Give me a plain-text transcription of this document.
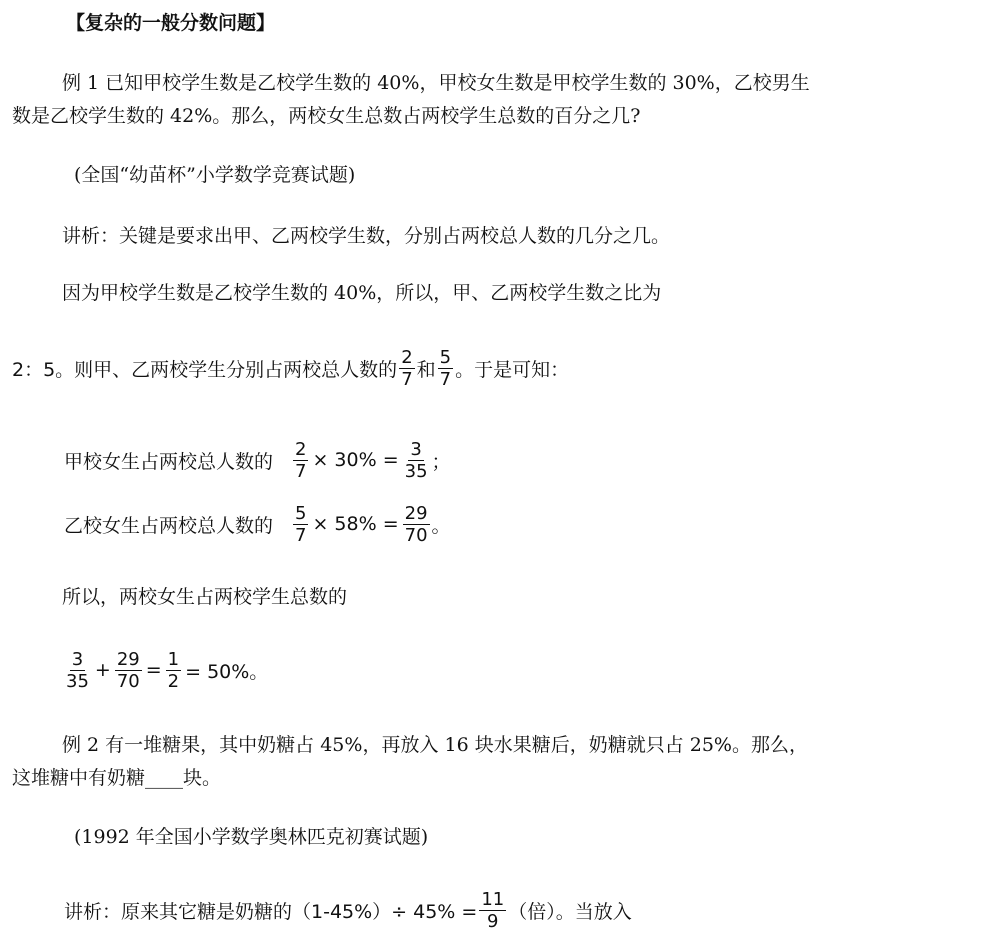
【复杂的一般分数问题】
例 1 已知甲校学生数是乙校学生数的 40%，甲校女生数是甲校学生数的 30%，乙校男生
数是乙校学生数的 42%。那么，两校女生总数占两校学生总数的百分之几?
(全国“幼苗杯”小学数学竞赛试题)
讲析：关键是要求出甲、乙两校学生数，分别占两校总人数的几分之几。
因为甲校学生数是乙校学生数的 40%，所以，甲、乙两校学生数之比为
2：5。则甲、乙两校学生分别占两校总人数的 $\frac{2}{7}$ 和 $\frac{5}{7}$ 。于是可知：
甲校女生占两校总人数的 $\frac{2}{7} \times 30\% = \frac{3}{35}$ ；
乙校女生占两校总人数的 $\frac{5}{7} \times 58\% = \frac{29}{70}$ 。
所以，两校女生占两校学生总数的
$\frac{3}{35} + \frac{29}{70} = \frac{1}{2} = 50\%$。
例 2 有一堆糖果，其中奶糖占 45%，再放入 16 块水果糖后，奶糖就只占 25%。那么，
这堆糖中有奶糖____块。
(1992 年全国小学数学奥林匹克初赛试题)
讲析：原来其它糖是奶糖的$(1-45\%)\div 45\% = \frac{11}{9}$ （倍）。当放入
